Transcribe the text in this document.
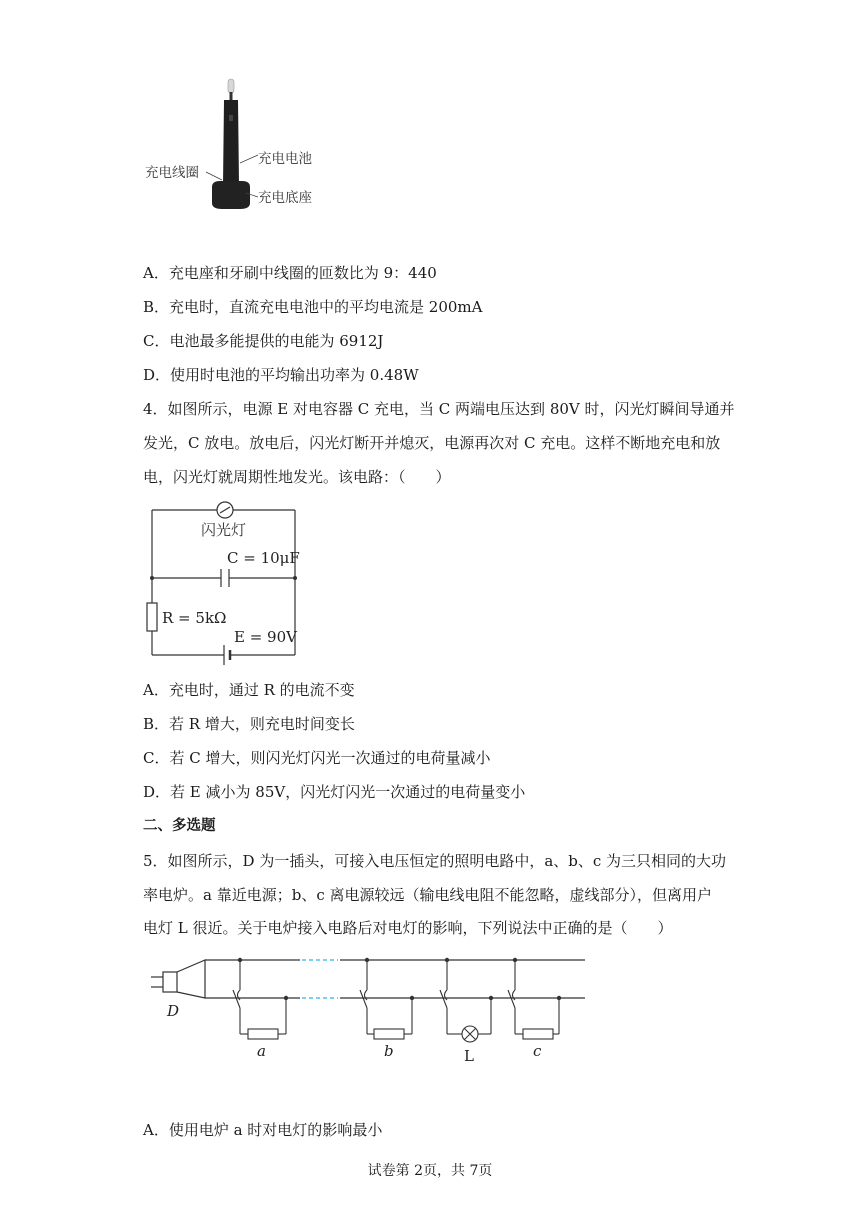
充电线圈
充电电池
充电底座
A．充电座和牙刷中线圈的匝数比为 9：440
B．充电时，直流充电电池中的平均电流是 200mA
C．电池最多能提供的电能为 6912J
D．使用时电池的平均输出功率为 0.48W
4．如图所示，电源 E 对电容器 C 充电，当 C 两端电压达到 80V 时，闪光灯瞬间导通并
发光，C 放电。放电后，闪光灯断开并熄灭，电源再次对 C 充电。这样不断地充电和放
电，闪光灯就周期性地发光。该电路：（　　）
闪光灯
C = 10μF
R = 5kΩ
E = 90V
A．充电时，通过 R 的电流不变
B．若 R 增大，则充电时间变长
C．若 C 增大，则闪光灯闪光一次通过的电荷量减小
D．若 E 减小为 85V，闪光灯闪光一次通过的电荷量变小
二、多选题
5．如图所示，D 为一插头，可接入电压恒定的照明电路中，a、b、c 为三只相同的大功
率电炉。a 靠近电源；b、c 离电源较远（输电线电阻不能忽略，虚线部分），但离用户
电灯 L 很近。关于电炉接入电路后对电灯的影响，下列说法中正确的是（　　）
D
a	b	L	c
A．使用电炉 a 时对电灯的影响最小
试卷第 2页，共 7页
